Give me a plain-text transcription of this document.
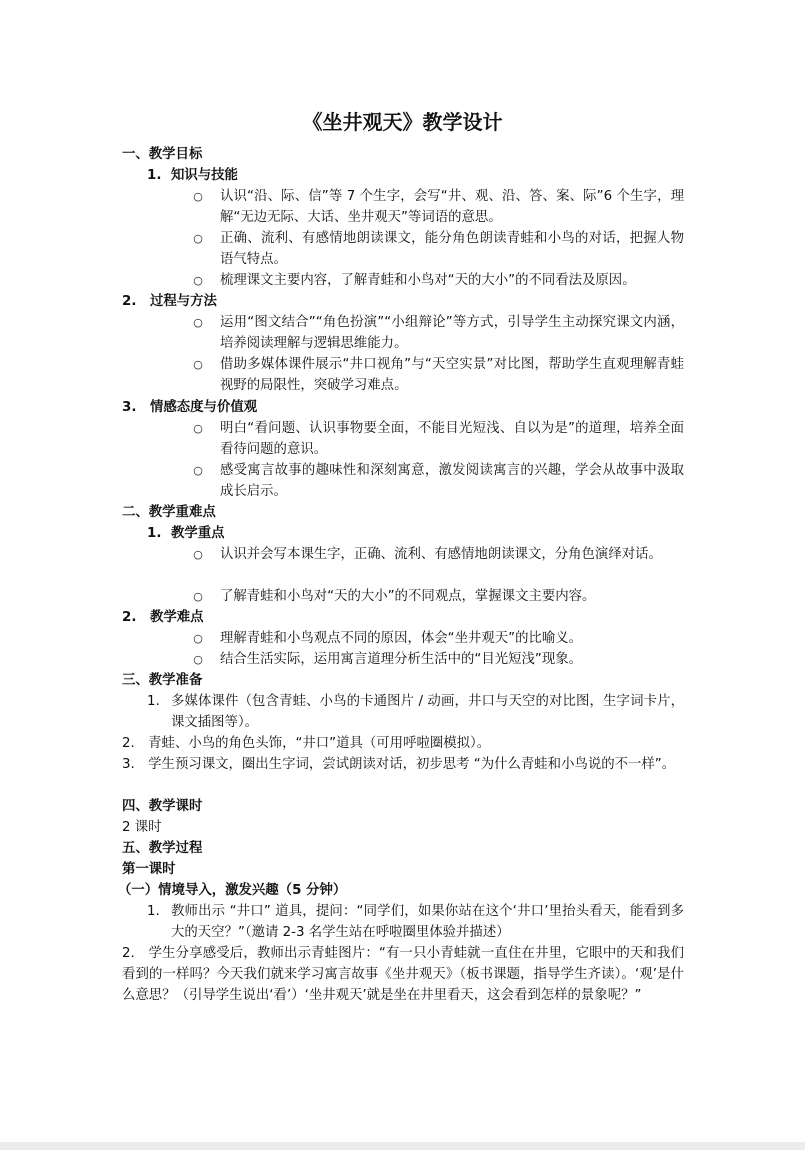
《坐井观天》教学设计
一、教学目标
1. 知识与技能
○ 认识“沿、际、信”等 7 个生字，会写“井、观、沿、答、案、际”6 个生字，理解“无边无际、大话、坐井观天”等词语的意思。
○ 正确、流利、有感情地朗读课文，能分角色朗读青蛙和小鸟的对话，把握人物语气特点。
○ 梳理课文主要内容，了解青蛙和小鸟对“天的大小”的不同看法及原因。
2. 过程与方法
○ 运用“图文结合”“角色扮演”“小组辩论”等方式，引导学生主动探究课文内涵，培养阅读理解与逻辑思维能力。
○ 借助多媒体课件展示“井口视角”与“天空实景”对比图，帮助学生直观理解青蛙视野的局限性，突破学习难点。
3. 情感态度与价值观
○ 明白“看问题、认识事物要全面，不能目光短浅、自以为是”的道理，培养全面看待问题的意识。
○ 感受寓言故事的趣味性和深刻寓意，激发阅读寓言的兴趣，学会从故事中汲取成长启示。
二、教学重难点
1. 教学重点
○ 认识并会写本课生字，正确、流利、有感情地朗读课文，分角色演绎对话。
○ 了解青蛙和小鸟对“天的大小”的不同观点，掌握课文主要内容。
2. 教学难点
○ 理解青蛙和小鸟观点不同的原因，体会“坐井观天”的比喻义。
○ 结合生活实际，运用寓言道理分析生活中的“目光短浅”现象。
三、教学准备
1. 多媒体课件（包含青蛙、小鸟的卡通图片 / 动画，井口与天空的对比图，生字词卡片，课文插图等）。
2.　青蛙、小鸟的角色头饰，“井口”道具（可用呼啦圈模拟）。
3.　学生预习课文，圈出生字词，尝试朗读对话，初步思考 “为什么青蛙和小鸟说的不一样”。
四、教学课时
2 课时
五、教学过程
第一课时
（一）情境导入，激发兴趣（5 分钟）
1. 教师出示 “井口” 道具，提问：“同学们，如果你站在这个‘井口’里抬头看天，能看到多大的天空？”（邀请 2-3 名学生站在呼啦圈里体验并描述）
2.　学生分享感受后，教师出示青蛙图片：“有一只小青蛙就一直住在井里，它眼中的天和我们看到的一样吗？今天我们就来学习寓言故事《坐井观天》（板书课题，指导学生齐读）。‘观’是什么意思？（引导学生说出‘看’）‘坐井观天’就是坐在井里看天，这会看到怎样的景象呢？”
